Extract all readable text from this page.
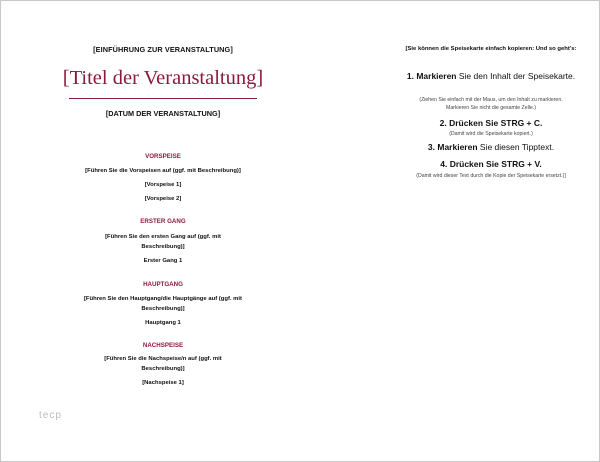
[EINFÜHRUNG ZUR VERANSTALTUNG]
[Titel der Veranstaltung]
[DATUM DER VERANSTALTUNG]
VORSPEISE
[Führen Sie die Vorspeisen auf (ggf. mit Beschreibung)]
[Vorspeise 1]
[Vorspeise 2]
ERSTER GANG
[Führen Sie den ersten Gang auf (ggf. mit Beschreibung)]
Erster Gang 1
HAUPTGANG
[Führen Sie den Hauptgang/die Hauptgänge auf (ggf. mit Beschreibung)]
Hauptgang 1
NACHSPEISE
[Führen Sie die Nachspeise/n auf (ggf. mit Beschreibung)]
[Nachspeise 1]
[Sie können die Speisekarte einfach kopieren: Und so geht's:
1. Markieren Sie den Inhalt der Speisekarte.
(Ziehen Sie einfach mit der Maus, um den Inhalt zu markieren. Markieren Sie nicht die gesamte Zelle.)
2. Drücken Sie STRG + C.
(Damit wird die Speisekarte kopiert.)
3. Markieren Sie diesen Tipptext.
4. Drücken Sie STRG + V.
(Damit wird dieser Text durch die Kopie der Speisekarte ersetzt.)]
tecp
